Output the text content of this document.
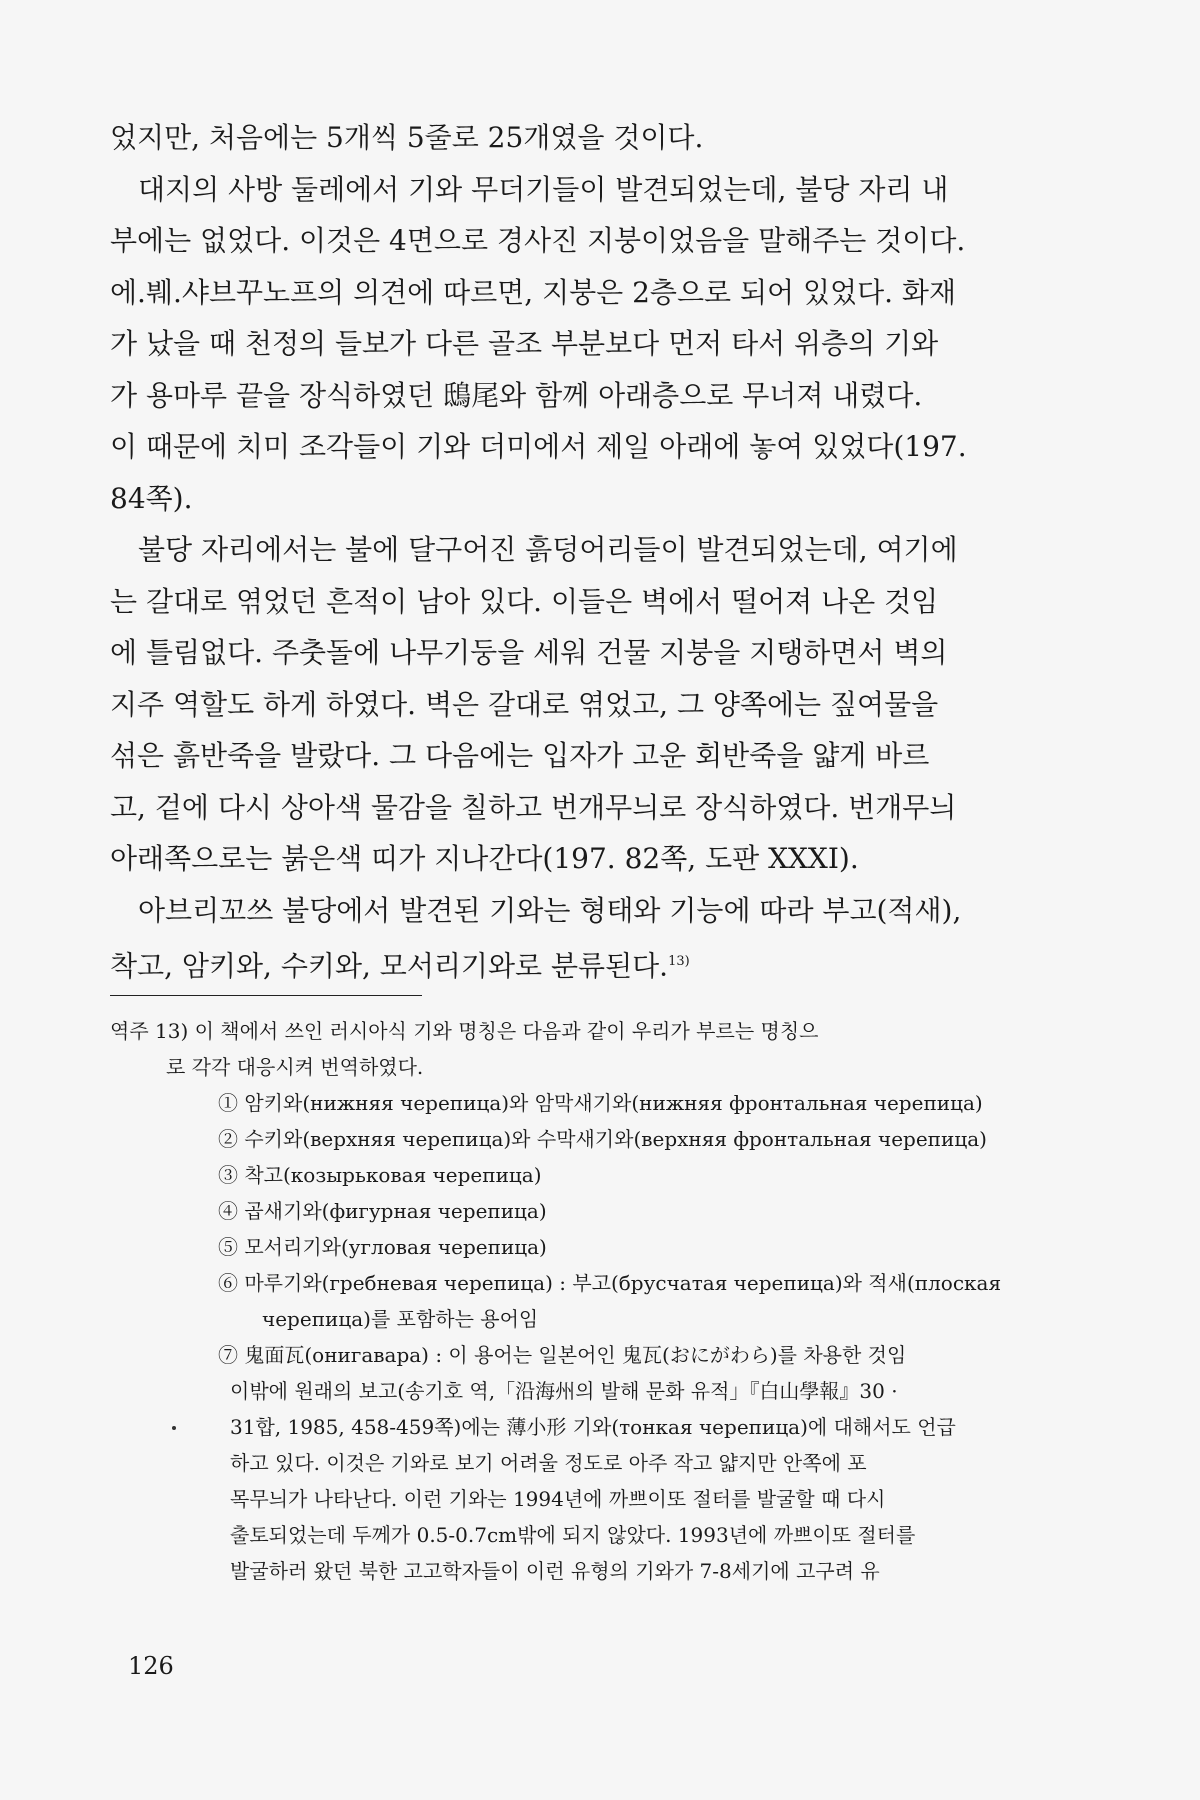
었지만, 처음에는 5개씩 5줄로 25개였을 것이다.
대지의 사방 둘레에서 기와 무더기들이 발견되었는데, 불당 자리 내
부에는 없었다. 이것은 4면으로 경사진 지붕이었음을 말해주는 것이다.
에.붸.샤브꾸노프의 의견에 따르면, 지붕은 2층으로 되어 있었다. 화재
가 났을 때 천정의 들보가 다른 골조 부분보다 먼저 타서 위층의 기와
가 용마루 끝을 장식하였던 鴟尾와 함께 아래층으로 무너져 내렸다.
이 때문에 치미 조각들이 기와 더미에서 제일 아래에 놓여 있었다(197.
84쪽).
불당 자리에서는 불에 달구어진 흙덩어리들이 발견되었는데, 여기에
는 갈대로 엮었던 흔적이 남아 있다. 이들은 벽에서 떨어져 나온 것임
에 틀림없다. 주춧돌에 나무기둥을 세워 건물 지붕을 지탱하면서 벽의
지주 역할도 하게 하였다. 벽은 갈대로 엮었고, 그 양쪽에는 짚여물을
섞은 흙반죽을 발랐다. 그 다음에는 입자가 고운 회반죽을 얇게 바르
고, 겉에 다시 상아색 물감을 칠하고 번개무늬로 장식하였다. 번개무늬
아래쪽으로는 붉은색 띠가 지나간다(197. 82쪽, 도판 XXXI).
아브리꼬쓰 불당에서 발견된 기와는 형태와 기능에 따라 부고(적새),
착고, 암키와, 수키와, 모서리기와로 분류된다.$^{13)}$
역주 13) 이 책에서 쓰인 러시아식 기와 명칭은 다음과 같이 우리가 부르는 명칭으
로 각각 대응시켜 번역하였다.
① 암키와(нижняя черепица)와 암막새기와(нижняя фронтальная черепица)
② 수키와(верхняя черепица)와 수막새기와(верхняя фронтальная черепица)
③ 착고(козырьковая черепица)
④ 곱새기와(фигурная черепица)
⑤ 모서리기와(угловая черепица)
⑥ 마루기와(гребневая черепица) : 부고(брусчатая черепица)와 적새(плоская
черепица)를 포함하는 용어임
⑦ 鬼面瓦(онигавара) : 이 용어는 일본어인 鬼瓦(おにがわら)를 차용한 것임
이밖에 원래의 보고(송기호 역,「沿海州의 발해 문화 유적」『白山學報』30 ·
31합, 1985, 458-459쪽)에는 薄小形 기와(тонкая черепица)에 대해서도 언급
하고 있다. 이것은 기와로 보기 어려울 정도로 아주 작고 얇지만 안쪽에 포
목무늬가 나타난다. 이런 기와는 1994년에 까쁘이또 절터를 발굴할 때 다시
출토되었는데 두께가 0.5-0.7cm밖에 되지 않았다. 1993년에 까쁘이또 절터를
발굴하러 왔던 북한 고고학자들이 이런 유형의 기와가 7-8세기에 고구려 유
126
